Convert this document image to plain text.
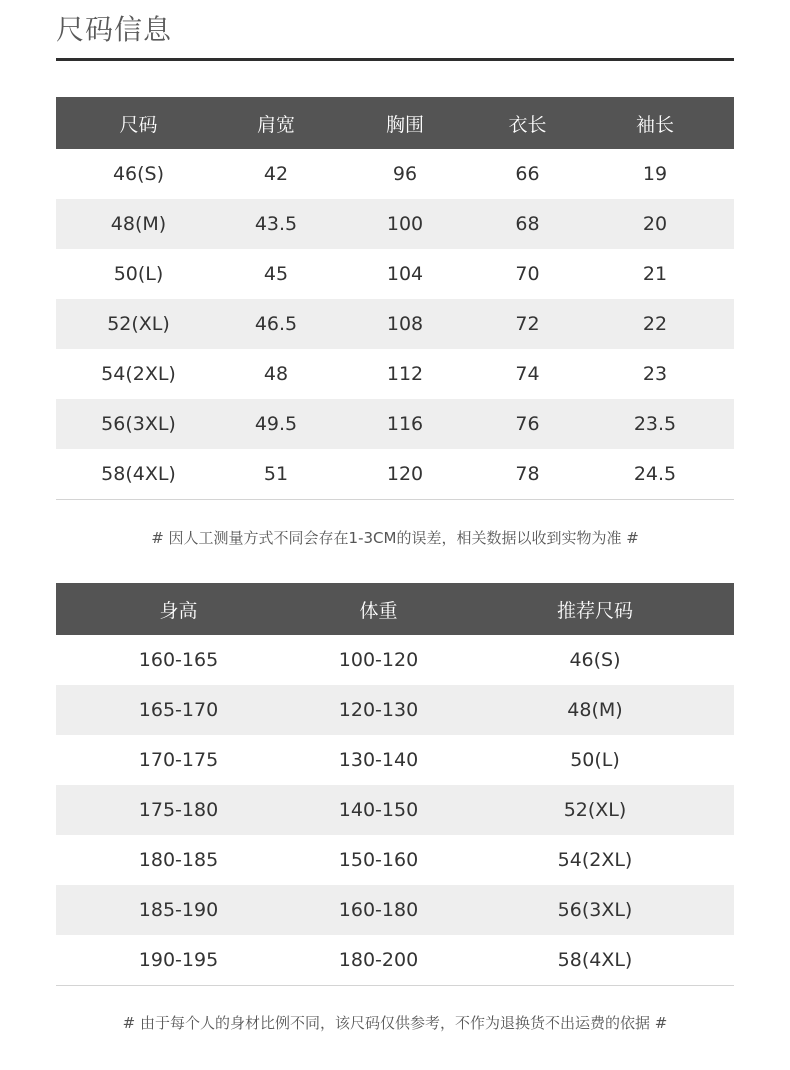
尺码信息
尺码	肩宽	胸围	衣长	袖长
46(S)	42	96	66	19
48(M)	43.5	100	68	20
50(L)	45	104	70	21
52(XL)	46.5	108	72	22
54(2XL)	48	112	74	23
56(3XL)	49.5	116	76	23.5
58(4XL)	51	120	78	24.5
# 因人工测量方式不同会存在1-3CM的误差，相关数据以收到实物为准 #
身高	体重	推荐尺码
160-165	100-120	46(S)
165-170	120-130	48(M)
170-175	130-140	50(L)
175-180	140-150	52(XL)
180-185	150-160	54(2XL)
185-190	160-180	56(3XL)
190-195	180-200	58(4XL)
# 由于每个人的身材比例不同，该尺码仅供参考，不作为退换货不出运费的依据 #
